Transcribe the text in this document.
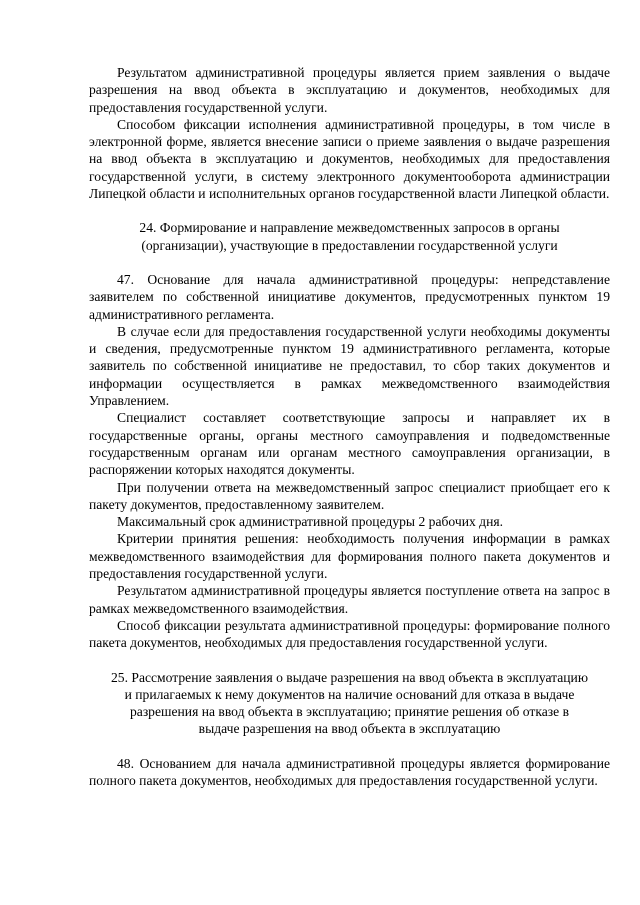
Результатом административной процедуры является прием заявления о выдаче разрешения на ввод объекта в эксплуатацию и документов, необходимых для предоставления государственной услуги.

Способом фиксации исполнения административной процедуры, в том числе в электронной форме, является внесение записи о приеме заявления о выдаче разрешения на ввод объекта в эксплуатацию и документов, необходимых для предоставления государственной услуги, в систему электронного документооборота администрации Липецкой области и исполнительных органов государственной власти Липецкой области.

24. Формирование и направление межведомственных запросов в органы
(организации), участвующие в предоставлении государственной услуги

47. Основание для начала административной процедуры: непредставление заявителем по собственной инициативе документов, предусмотренных пунктом 19 административного регламента.

В случае если для предоставления государственной услуги необходимы документы и сведения, предусмотренные пунктом 19 административного регламента, которые заявитель по собственной инициативе не предоставил, то сбор таких документов и информации осуществляется в рамках межведомственного взаимодействия Управлением.

Специалист составляет соответствующие запросы и направляет их в государственные органы, органы местного самоуправления и подведомственные государственным органам или органам местного самоуправления организации, в распоряжении которых находятся документы.

При получении ответа на межведомственный запрос специалист приобщает его к пакету документов, предоставленному заявителем.

Максимальный срок административной процедуры 2 рабочих дня.

Критерии принятия решения: необходимость получения информации в рамках межведомственного взаимодействия для формирования полного пакета документов и предоставления государственной услуги.

Результатом административной процедуры является поступление ответа на запрос в рамках межведомственного взаимодействия.

Способ фиксации результата административной процедуры: формирование полного пакета документов, необходимых для предоставления государственной услуги.

25. Рассмотрение заявления о выдаче разрешения на ввод объекта в эксплуатацию
и прилагаемых к нему документов на наличие оснований для отказа в выдаче
разрешения на ввод объекта в эксплуатацию; принятие решения об отказе в
выдаче разрешения на ввод объекта в эксплуатацию

48. Основанием для начала административной процедуры является формирование полного пакета документов, необходимых для предоставления государственной услуги.
